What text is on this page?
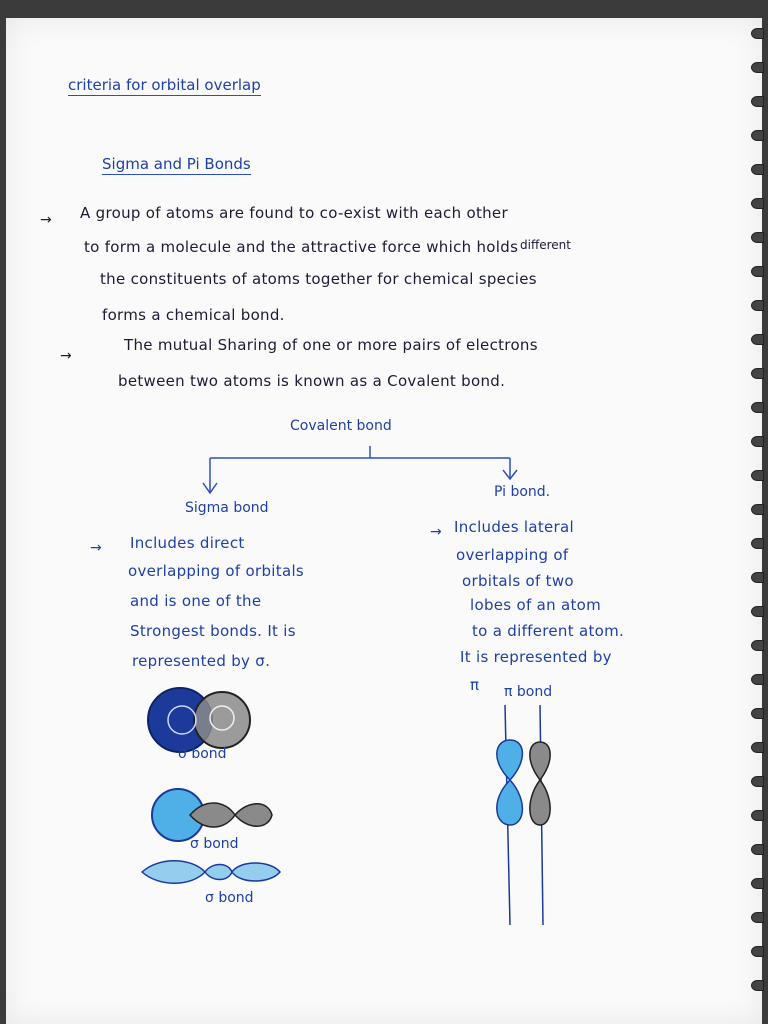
criteria for orbital overlap
Sigma and Pi Bonds
→ A group of atoms are found to co-exist with each other
to form a molecule and the attractive force which holds different
the constituents of atoms together for chemical species
forms a chemical bond.
→
The mutual Sharing of one or more pairs of electrons
between two atoms is known as a Covalent bond.
Covalent bond
Sigma bond
Pi bond.
→ Includes direct
overlapping of orbitals
and is one of the
Strongest bonds. It is
represented by σ.
→ Includes lateral
overlapping of
orbitals of two
lobes of an atom
to a different atom.
It is represented by
π
σ bond
σ bond
σ bond
π bond
